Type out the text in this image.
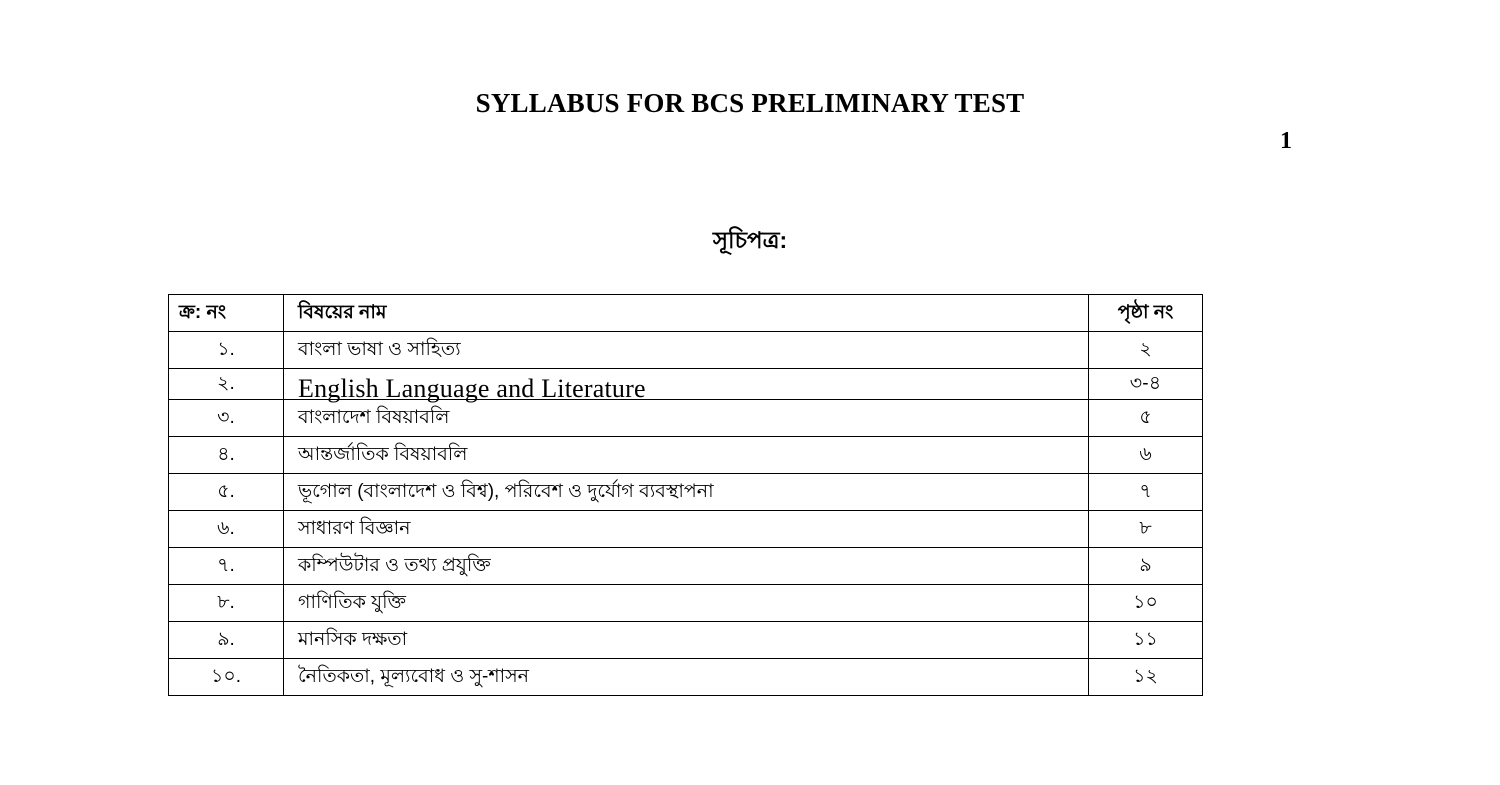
SYLLABUS FOR BCS PRELIMINARY TEST
1
সূচিপত্র:
ক্র: নং	বিষয়ের নাম	পৃষ্ঠা নং

১.	বাংলা ভাষা ও সাহিত্য	২

২.	English Language and Literature	৩-৪

৩.	বাংলাদেশ বিষয়াবলি	৫

৪.	আন্তর্জাতিক বিষয়াবলি	৬

৫.	ভূগোল (বাংলাদেশ ও বিশ্ব), পরিবেশ ও দুর্যোগ ব্যবস্থাপনা	৭

৬.	সাধারণ বিজ্ঞান	৮

৭.	কম্পিউটার ও তথ্য প্রযুক্তি	৯

৮.	গাণিতিক যুক্তি	১০

৯.	মানসিক দক্ষতা	১১

১০.	নৈতিকতা, মূল্যবোধ ও সু-শাসন	১২
